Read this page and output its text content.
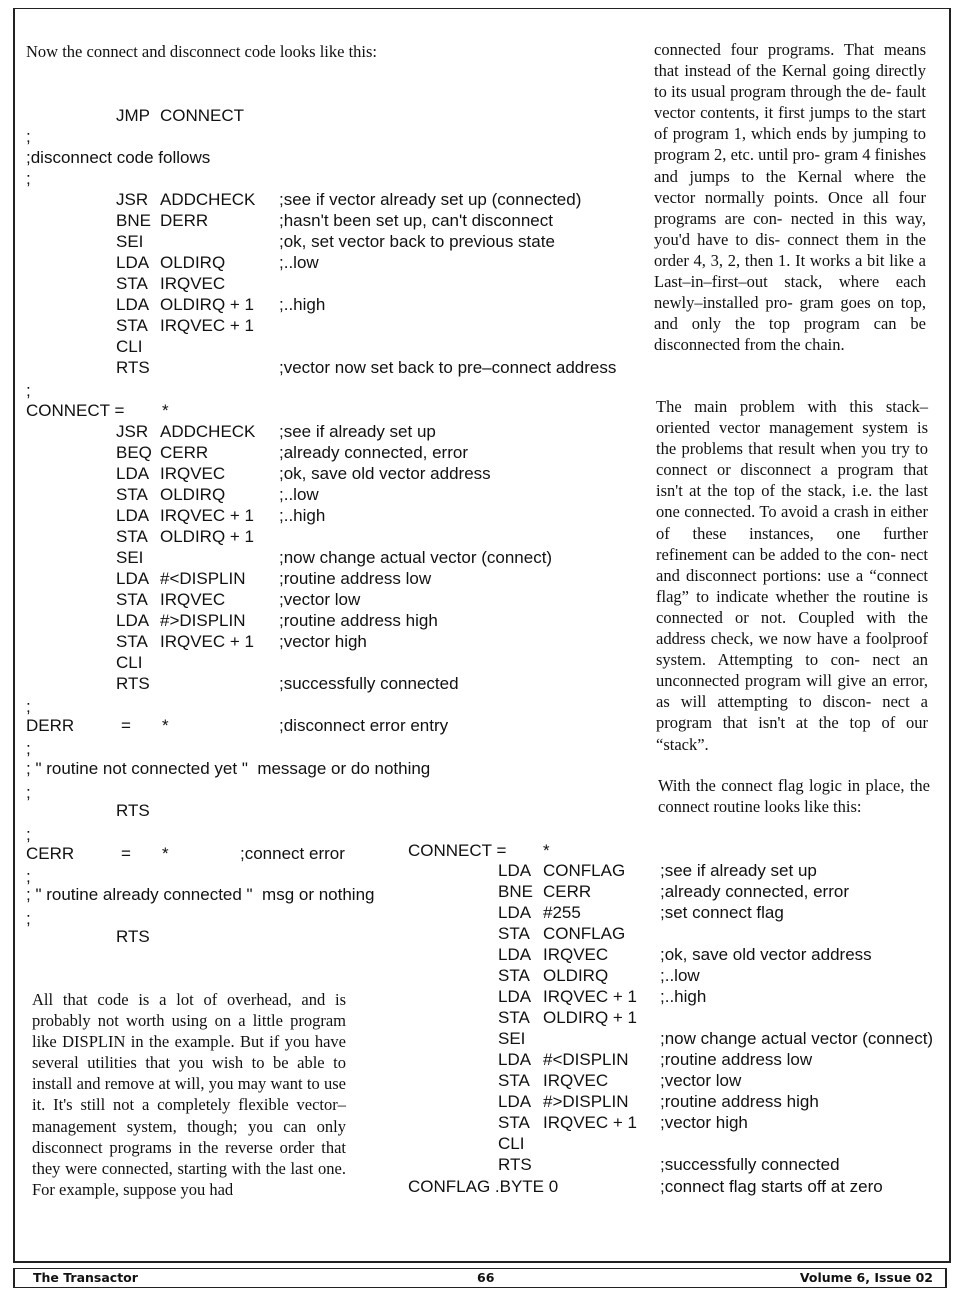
Now the connect and disconnect code looks like this:

JMP CONNECT
;
;disconnect code follows
;
JSR ADDCHECK ;see if vector already set up (connected)
BNE DERR	;hasn't been set up, can't disconnect
SEI	;ok, set vector back to previous state
LDA OLDIRQ	;..low
STA IRQVEC
LDA OLDIRQ + 1 ;..high
STA IRQVEC + 1
CLI
RTS	;vector now set back to pre–connect address
;
CONNECT = *
JSR ADDCHECK ;see if already set up
BEQ CERR	;already connected, error
LDA IRQVEC	;ok, save old vector address
STA OLDIRQ	;..low
LDA IRQVEC + 1 ;..high
STA OLDIRQ + 1
SEI	;now change actual vector (connect)
LDA #<DISPLIN ;routine address low
STA IRQVEC	;vector low
LDA #>DISPLIN ;routine address high
STA IRQVEC + 1 ;vector high
CLI
RTS	;successfully connected
;
DERR	= *	;disconnect error entry
;
; " routine not connected yet "  message or do nothing
;
RTS
;
CERR	= *	;connect error
;
; " routine already connected "  msg or nothing
;
RTS

All that code is a lot of overhead, and is probably not worth using on a little program like DISPLIN in the example. But if you have several utilities that you wish to be able to install and remove at will, you may want to use it. It's still not a completely flexible vector–management system, though; you can only disconnect programs in the reverse order that they were connected, starting with the last one. For example, suppose you had

connected four programs. That means that instead of the Kernal going directly to its usual program through the de- fault vector contents, it first jumps to the start of program 1, which ends by jumping to program 2, etc. until pro- gram 4 finishes and jumps to the Kernal where the vector normally points. Once all four programs are con- nected in this way, you'd have to dis- connect them in the order 4, 3, 2, then 1. It works a bit like a Last–in–first–out stack, where each newly–installed pro- gram goes on top, and only the top program can be disconnected from the chain.

The main problem with this stack– oriented vector management system is the problems that result when you try to connect or disconnect a program that isn't at the top of the stack, i.e. the last one connected. To avoid a crash in either of these instances, one further refinement can be added to the con- nect and disconnect portions: use a “connect flag” to indicate whether the routine is connected or not. Coupled with the address check, we now have a foolproof system. Attempting to con- nect an unconnected program will give an error, as will attempting to discon- nect a program that isn't at the top of our “stack”.

With the connect flag logic in place, the connect routine looks like this:

CONNECT = *
LDA CONFLAG ;see if already set up
BNE CERR	;already connected, error
LDA #255	;set connect flag
STA CONFLAG
LDA IRQVEC	;ok, save old vector address
STA OLDIRQ	;..low
LDA IRQVEC + 1 ;..high
STA OLDIRQ + 1
SEI	;now change actual vector (connect)
LDA #<DISPLIN ;routine address low
STA IRQVEC	;vector low
LDA #>DISPLIN ;routine address high
STA IRQVEC + 1 ;vector high
CLI
RTS	;successfully connected
CONFLAG .BYTE 0	;connect flag starts off at zero
The Transactor	66	Volume 6, Issue 02
